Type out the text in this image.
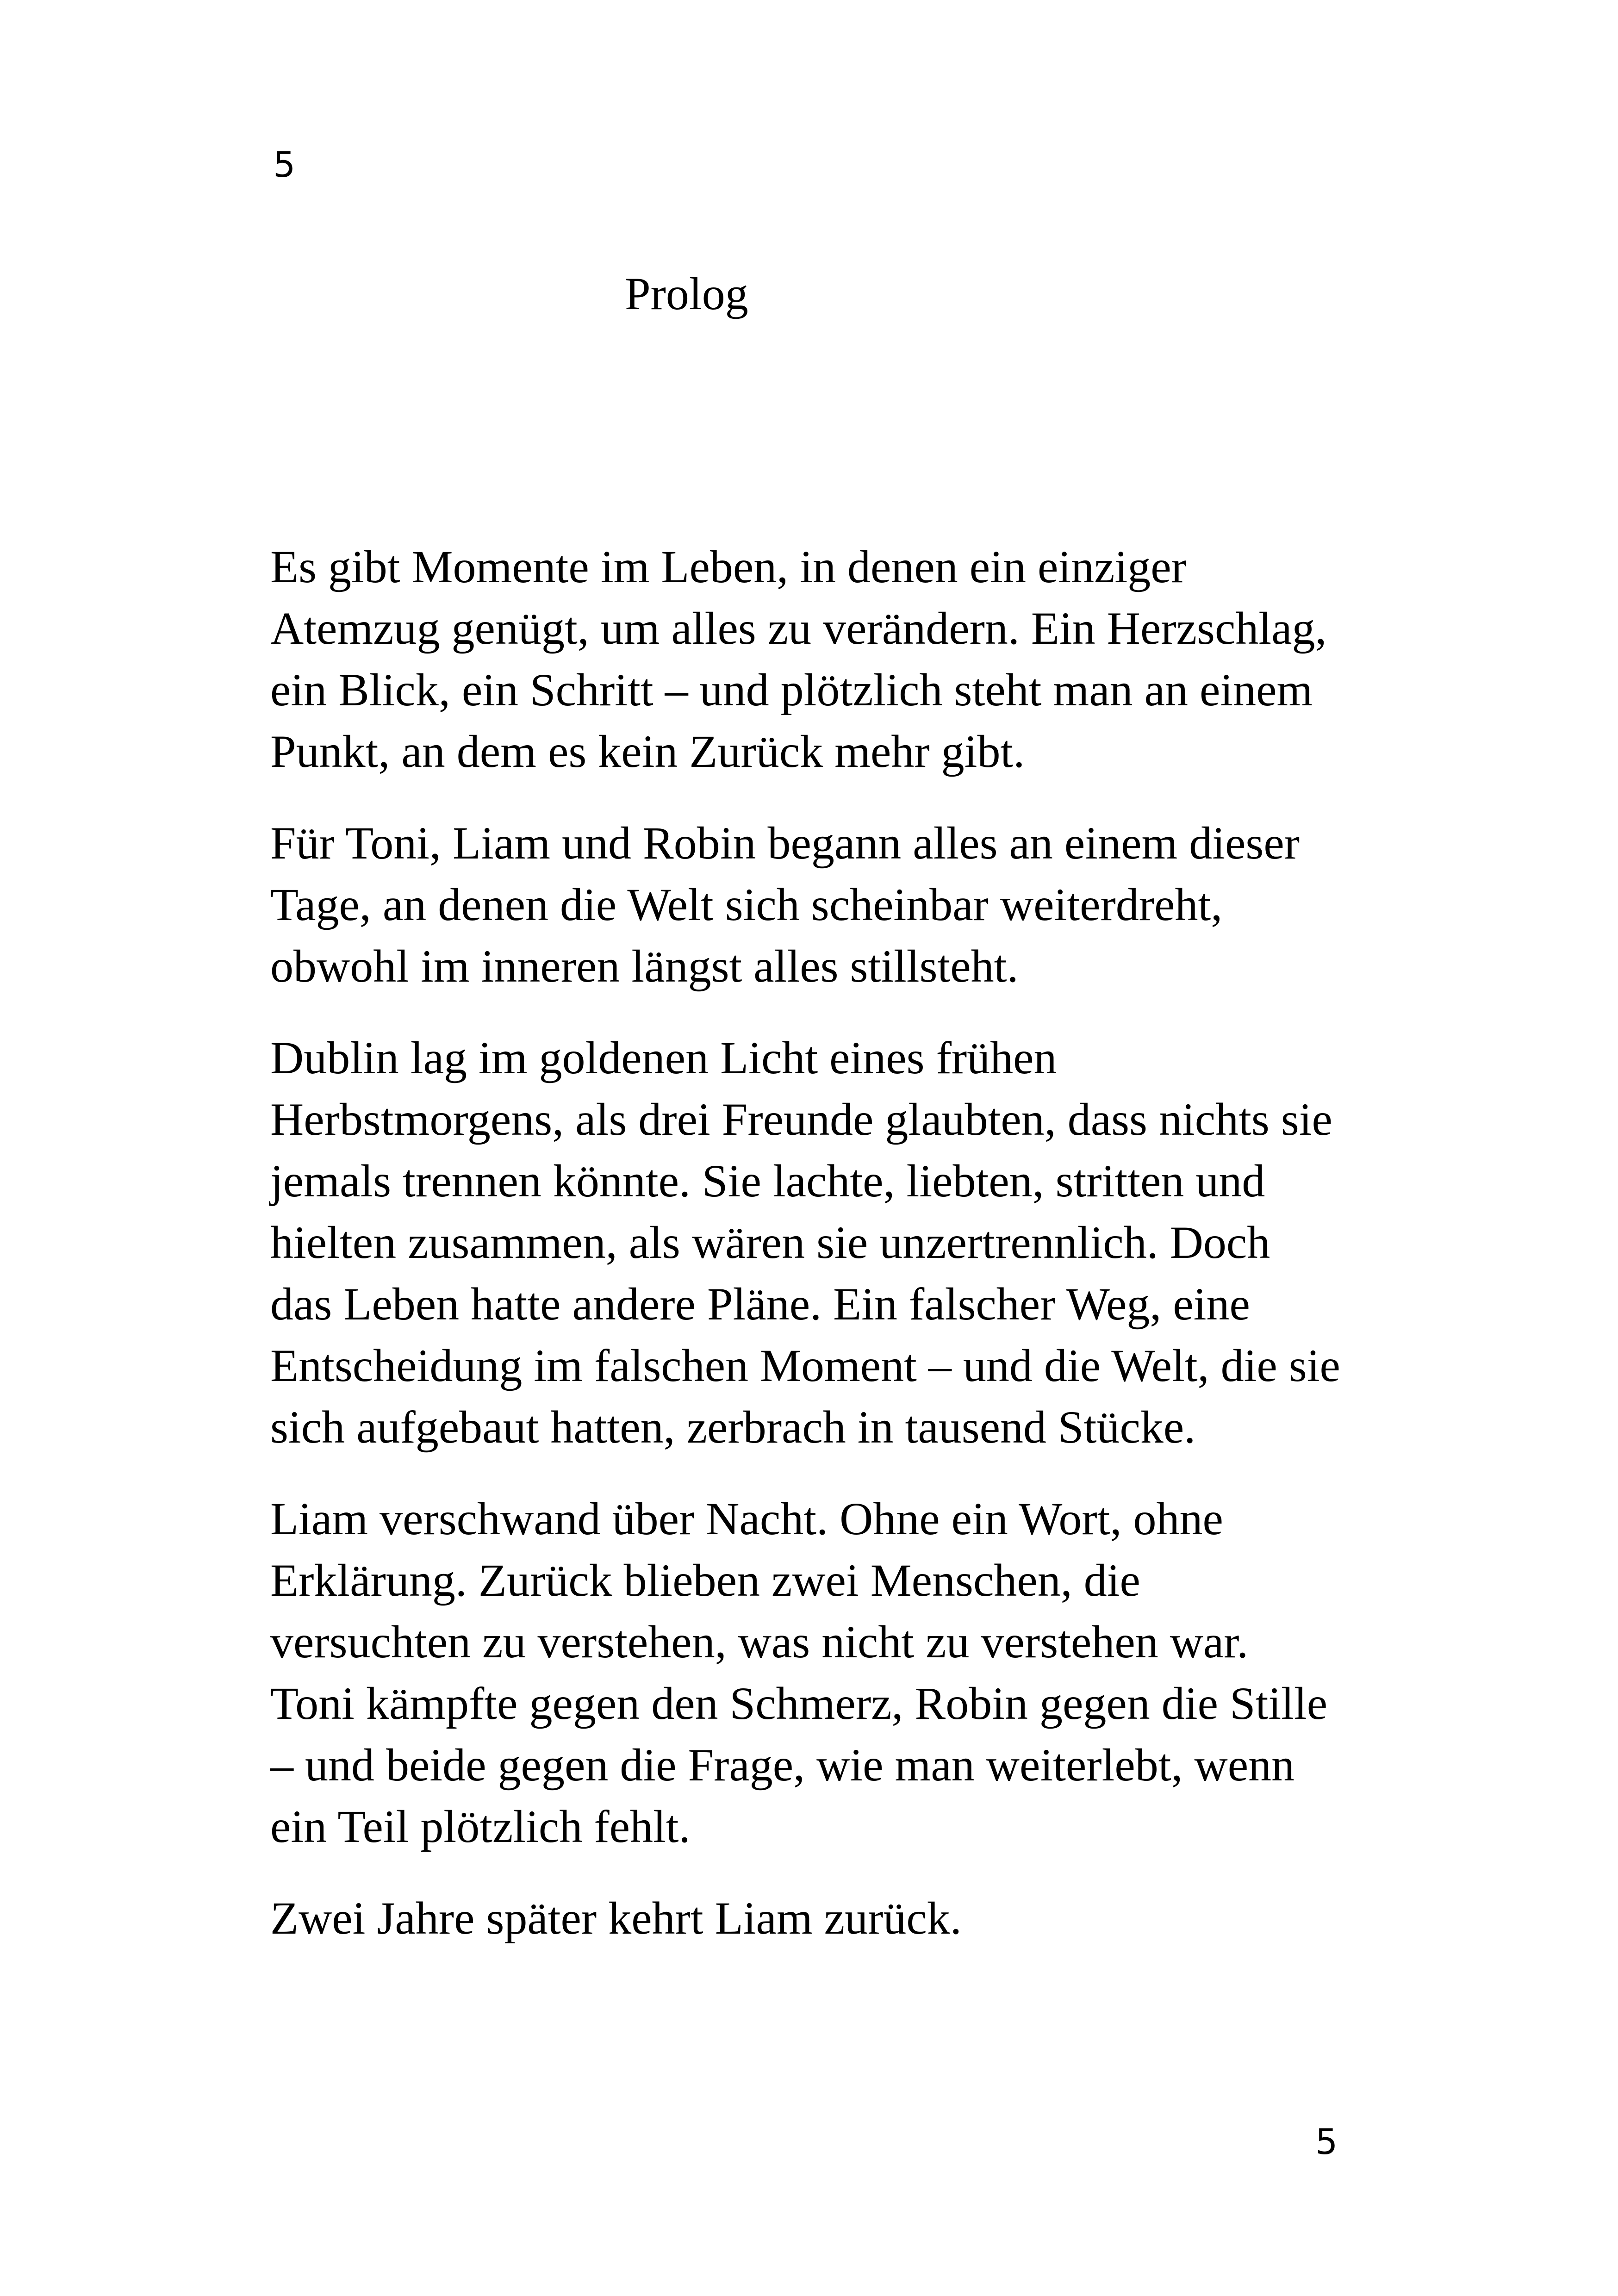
5
Prolog

Es gibt Momente im Leben, in denen ein einziger
Atemzug genügt, um alles zu verändern. Ein Herzschlag,
ein Blick, ein Schritt – und plötzlich steht man an einem
Punkt, an dem es kein Zurück mehr gibt.

Für Toni, Liam und Robin begann alles an einem dieser
Tage, an denen die Welt sich scheinbar weiterdreht,
obwohl im inneren längst alles stillsteht.

Dublin lag im goldenen Licht eines frühen
Herbstmorgens, als drei Freunde glaubten, dass nichts sie
jemals trennen könnte. Sie lachte, liebten, stritten und
hielten zusammen, als wären sie unzertrennlich. Doch
das Leben hatte andere Pläne. Ein falscher Weg, eine
Entscheidung im falschen Moment – und die Welt, die sie
sich aufgebaut hatten, zerbrach in tausend Stücke.

Liam verschwand über Nacht. Ohne ein Wort, ohne
Erklärung. Zurück blieben zwei Menschen, die
versuchten zu verstehen, was nicht zu verstehen war.
Toni kämpfte gegen den Schmerz, Robin gegen die Stille
– und beide gegen die Frage, wie man weiterlebt, wenn
ein Teil plötzlich fehlt.

Zwei Jahre später kehrt Liam zurück.

5
